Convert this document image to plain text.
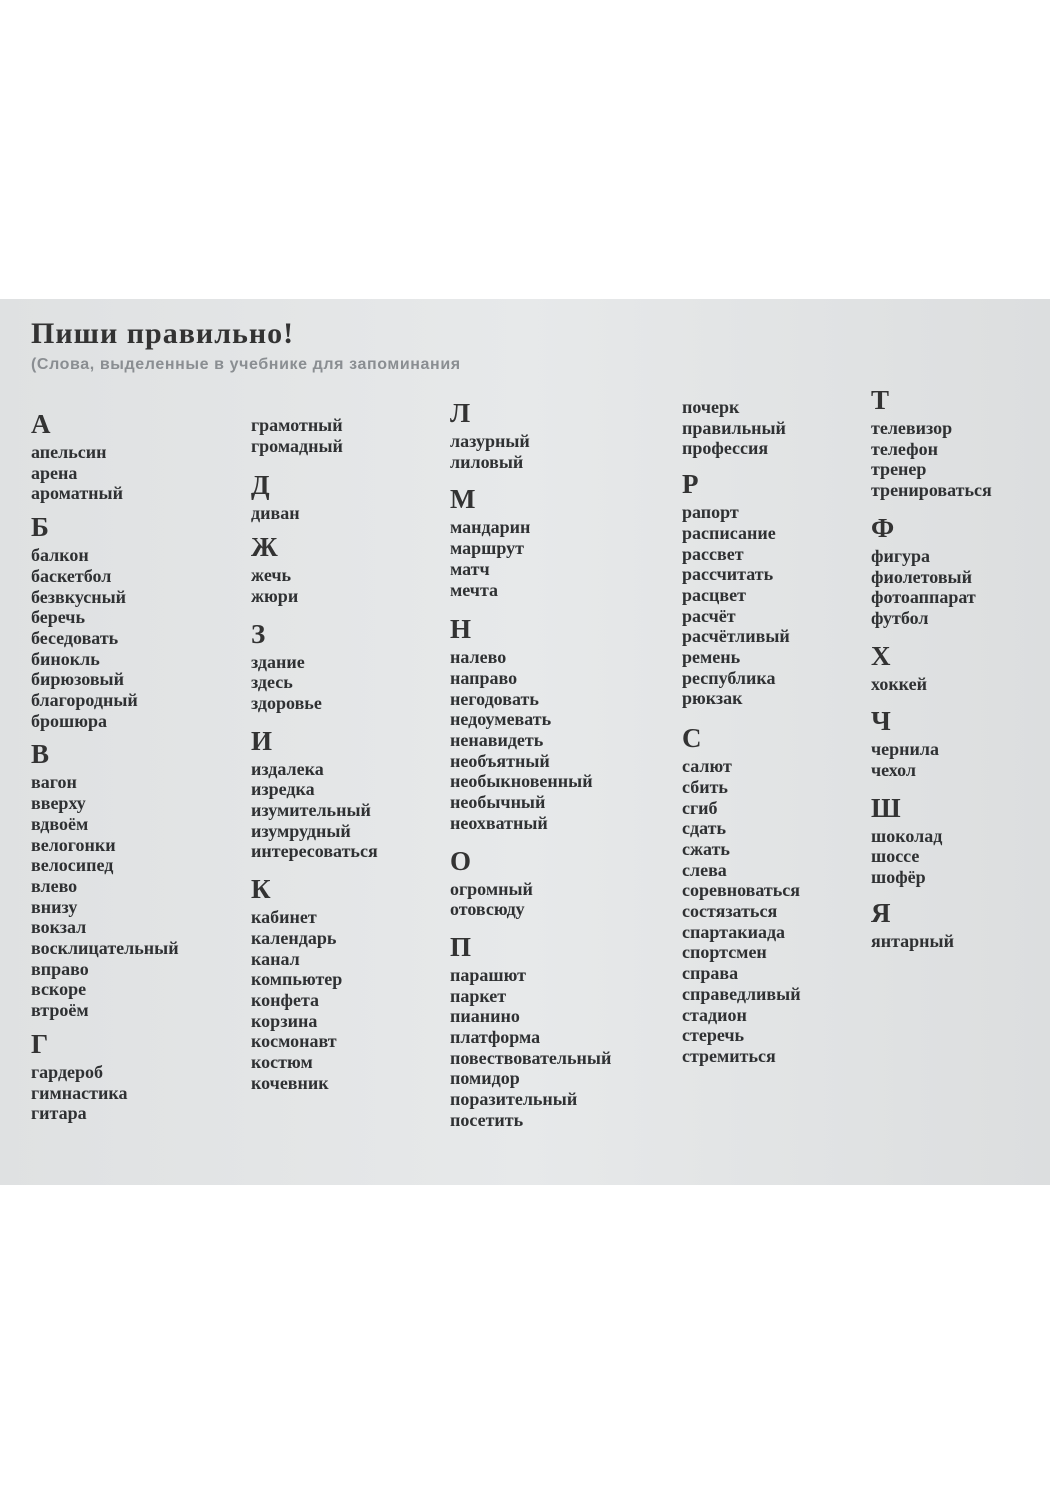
Пиши правильно!

(Слова, выделенные в учебнике для запоминания

А
апельсин
арена
ароматный
Б
балкон
баскетбол
безвкусный
беречь
беседовать
бинокль
бирюзовый
благородный
брошюра
В
вагон
вверху
вдвоём
велогонки
велосипед
влево
внизу
вокзал
восклицательный
вправо
вскоре
втроём
Г
гардероб
гимнастика
гитара
грамотный
громадный
Д
диван
Ж
жечь
жюри
З
здание
здесь
здоровье
И
издалека
изредка
изумительный
изумрудный
интересоваться
К
кабинет
календарь
канал
компьютер
конфета
корзина
космонавт
костюм
кочевник
Л
лазурный
лиловый
М
мандарин
маршрут
матч
мечта
Н
налево
направо
негодовать
недоумевать
ненавидеть
необъятный
необыкновенный
необычный
неохватный
О
огромный
отовсюду
П
парашют
паркет
пианино
платформа
повествовательный
помидор
поразительный
посетить
почерк
правильный
профессия
Р
рапорт
расписание
рассвет
рассчитать
расцвет
расчёт
расчётливый
ремень
республика
рюкзак
С
салют
сбить
сгиб
сдать
сжать
слева
соревноваться
состязаться
спартакиада
спортсмен
справа
справедливый
стадион
стеречь
стремиться
Т
телевизор
телефон
тренер
тренироваться
Ф
фигура
фиолетовый
фотоаппарат
футбол
Х
хоккей
Ч
чернила
чехол
Ш
шоколад
шоссе
шофёр
Я
янтарный
